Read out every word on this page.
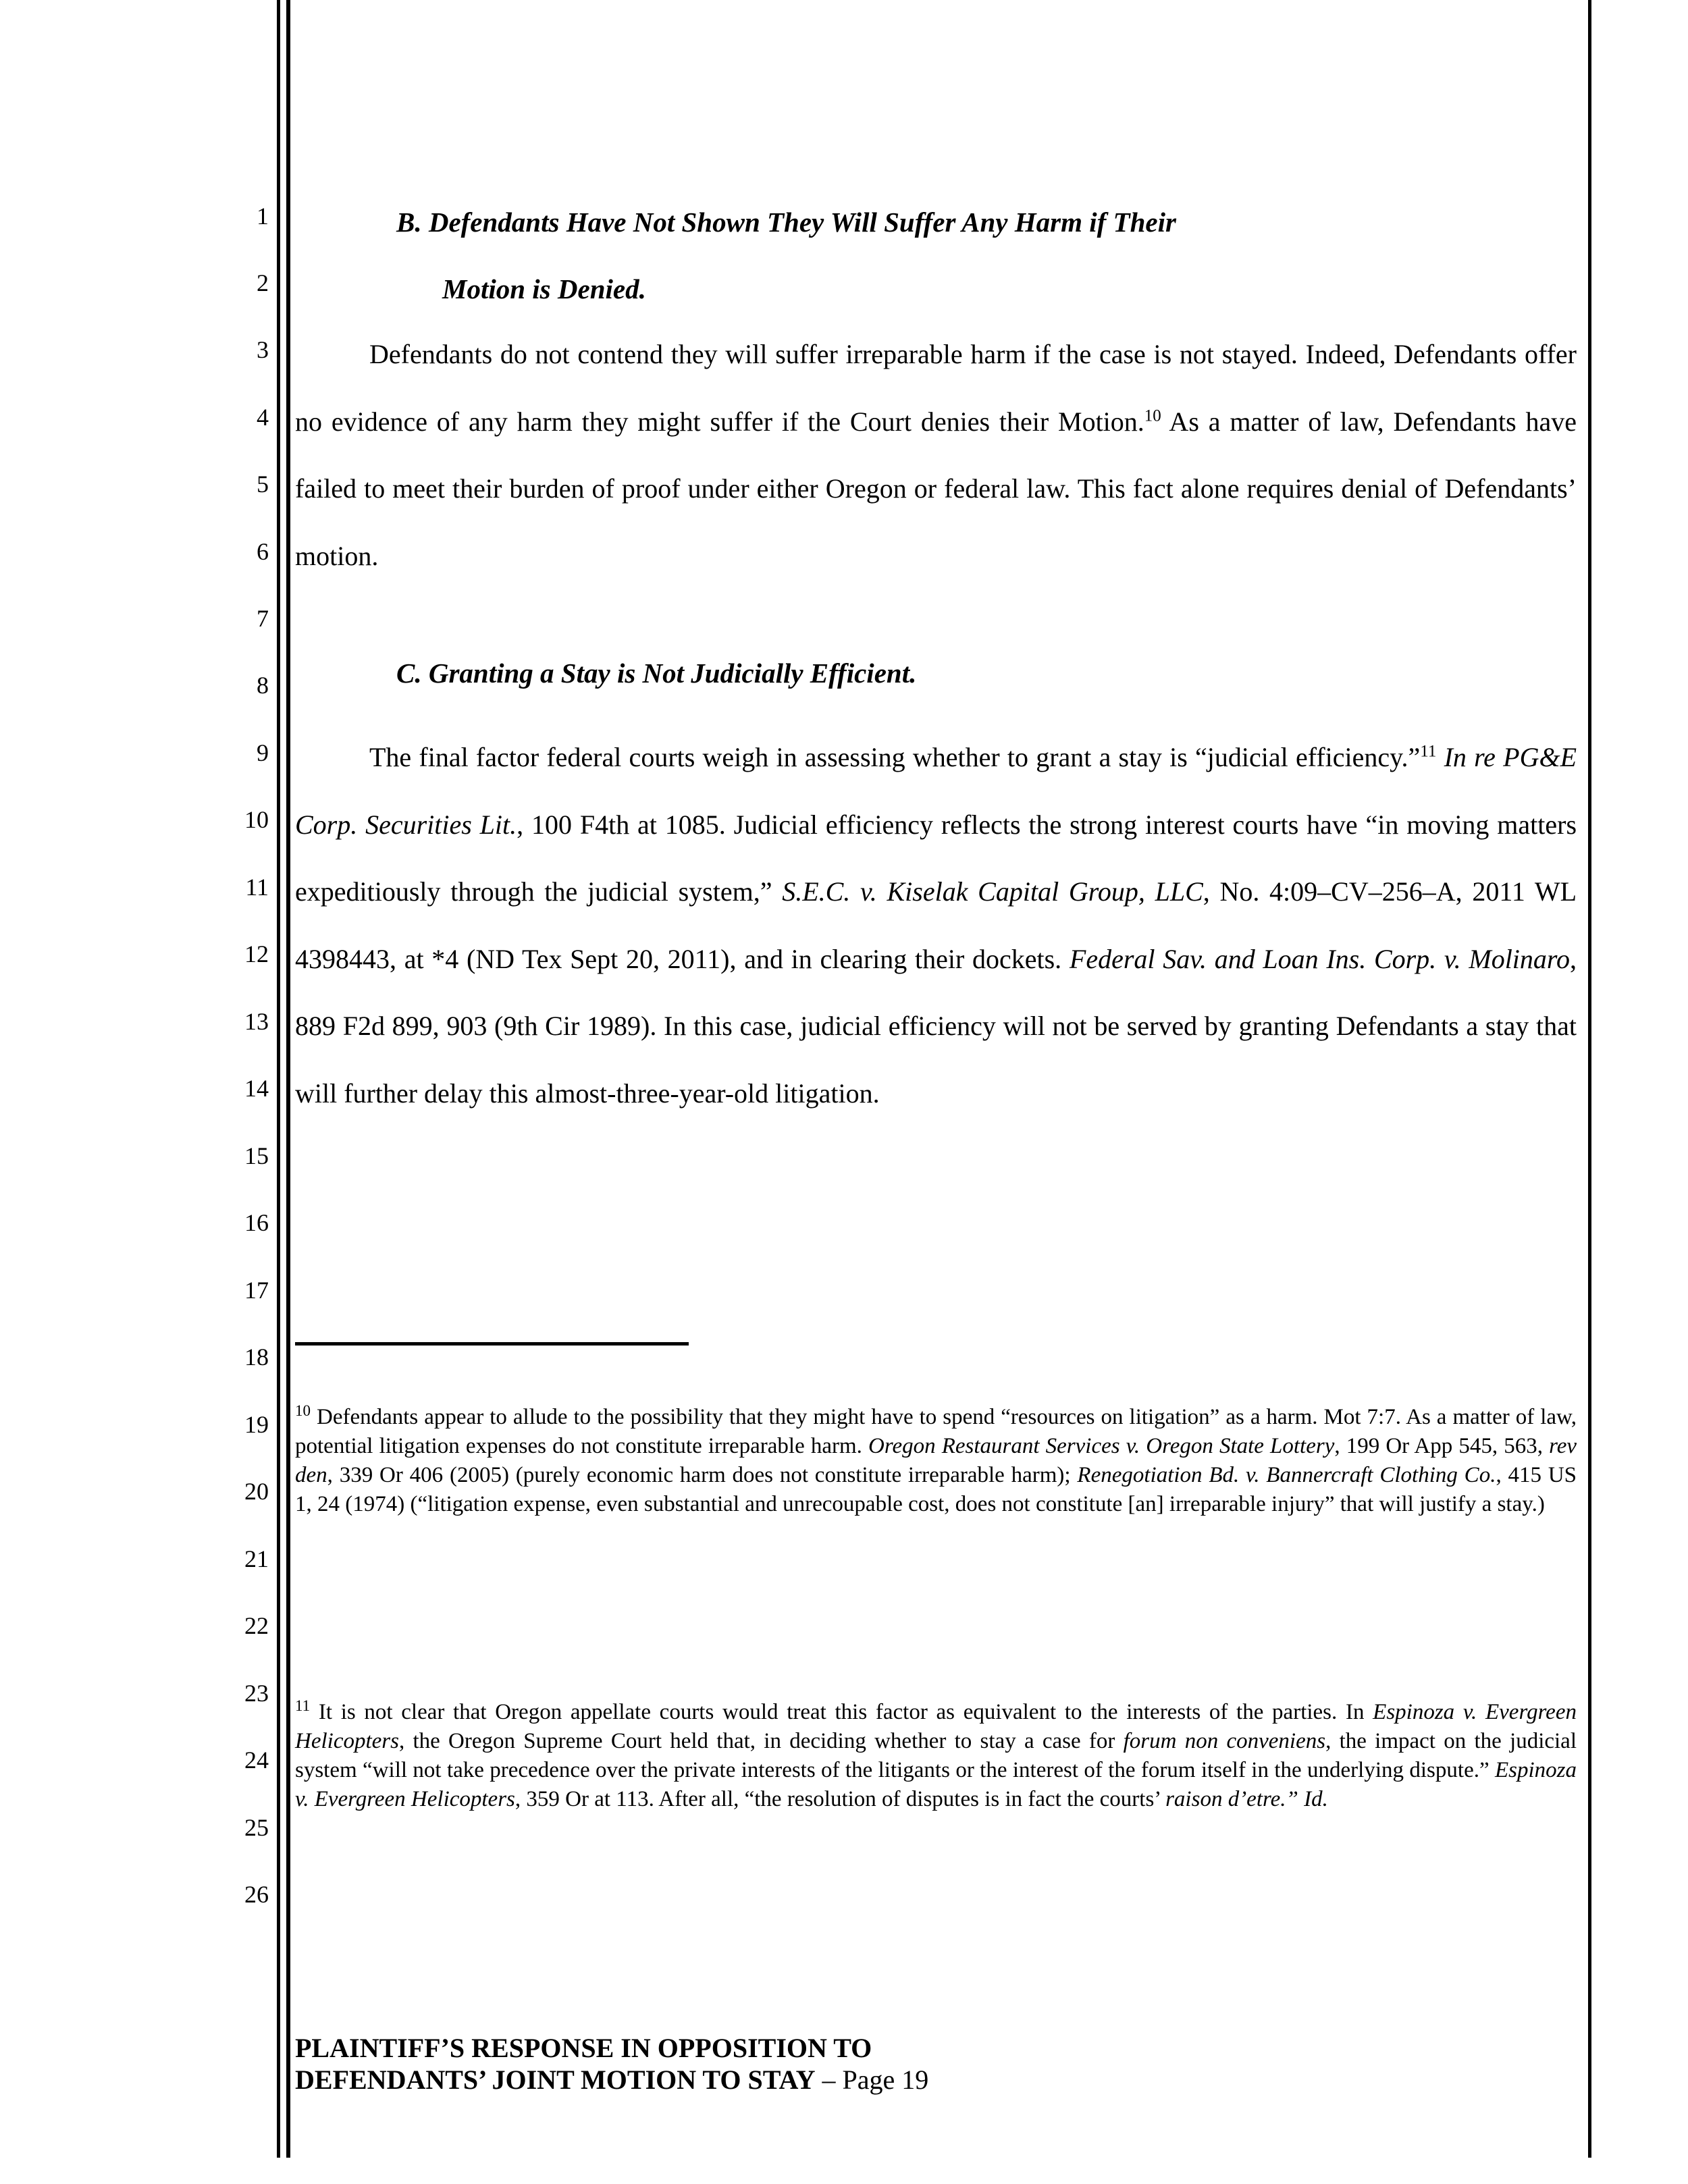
1
2
3
4
5
6
7
8
9
10
11
12
13
14
15
16
17
18
19
20
21
22
23
24
25
26
B. Defendants Have Not Shown They Will Suffer Any Harm if Their
Motion is Denied.
Defendants do not contend they will suffer irreparable harm if the case is not stayed. Indeed, Defendants offer no evidence of any harm they might suffer if the Court denies their Motion.$^{10}$ As a matter of law, Defendants have failed to meet their burden of proof under either Oregon or federal law. This fact alone requires denial of Defendants’ motion.
C. Granting a Stay is Not Judicially Efficient.
The final factor federal courts weigh in assessing whether to grant a stay is “judicial efficiency.”$^{11}$ In re PG&E Corp. Securities Lit., 100 F4th at 1085. Judicial efficiency reflects the strong interest courts have “in moving matters expeditiously through the judicial system,” S.E.C. v. Kiselak Capital Group, LLC, No. 4:09–CV–256–A, 2011 WL 4398443, at *4 (ND Tex Sept 20, 2011), and in clearing their dockets. Federal Sav. and Loan Ins. Corp. v. Molinaro, 889 F2d 899, 903 (9th Cir 1989). In this case, judicial efficiency will not be served by granting Defendants a stay that will further delay this almost-three-year-old litigation.
$^{10}$ Defendants appear to allude to the possibility that they might have to spend “resources on litigation” as a harm. Mot 7:7. As a matter of law, potential litigation expenses do not constitute irreparable harm. Oregon Restaurant Services v. Oregon State Lottery, 199 Or App 545, 563, rev den, 339 Or 406 (2005) (purely economic harm does not constitute irreparable harm); Renegotiation Bd. v. Bannercraft Clothing Co., 415 US 1, 24 (1974) (“litigation expense, even substantial and unrecoupable cost, does not constitute [an] irreparable injury” that will justify a stay.)
$^{11}$ It is not clear that Oregon appellate courts would treat this factor as equivalent to the interests of the parties. In Espinoza v. Evergreen Helicopters, the Oregon Supreme Court held that, in deciding whether to stay a case for forum non conveniens, the impact on the judicial system “will not take precedence over the private interests of the litigants or the interest of the forum itself in the underlying dispute.” Espinoza v. Evergreen Helicopters, 359 Or at 113. After all, “the resolution of disputes is in fact the courts’ raison d’etre.” Id.
PLAINTIFF’S RESPONSE IN OPPOSITION TO
DEFENDANTS’ JOINT MOTION TO STAY – Page 19
